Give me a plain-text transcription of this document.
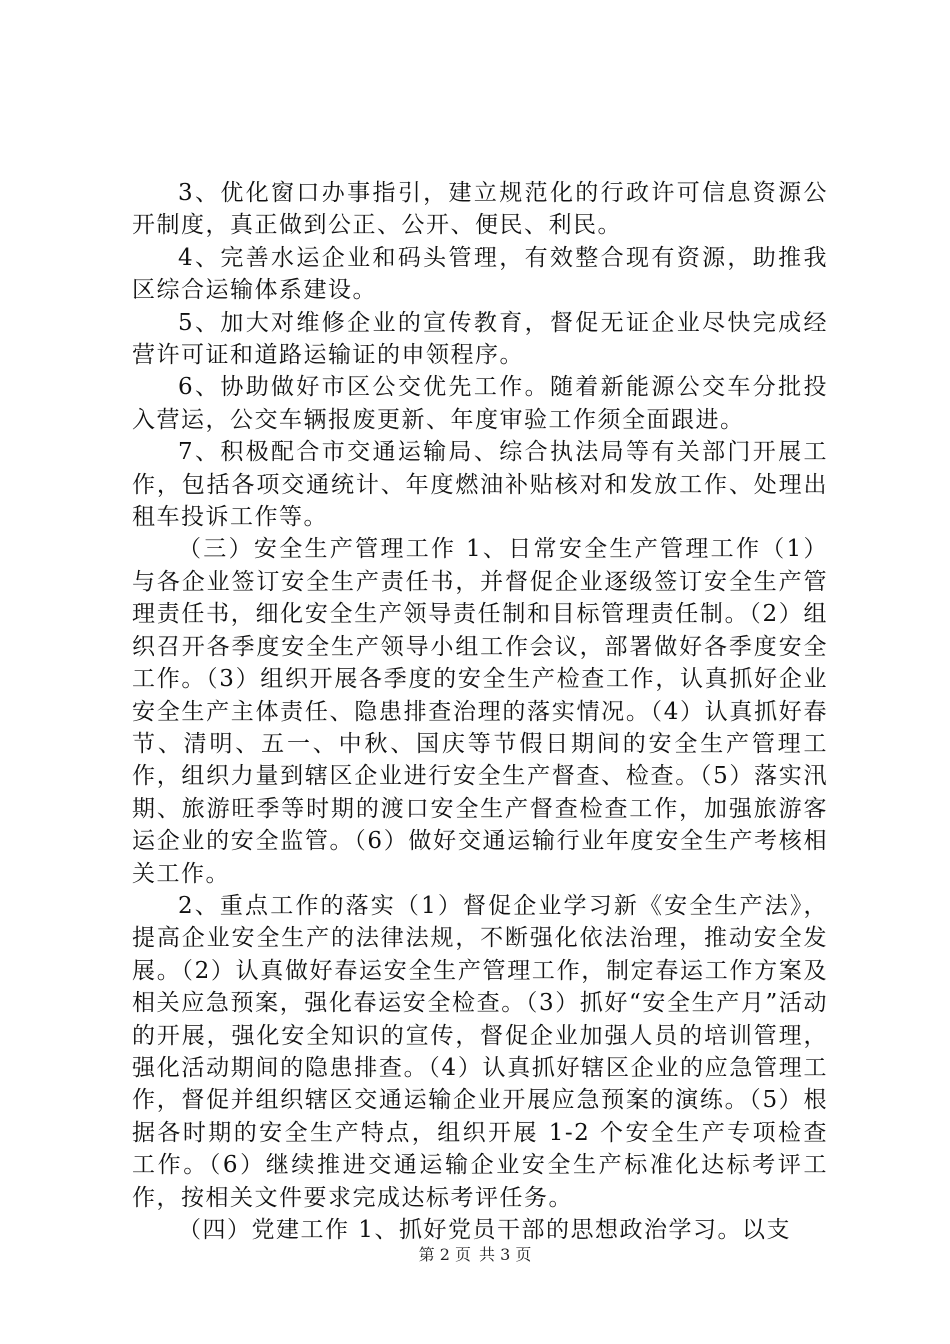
3、优化窗口办事指引，建立规范化的行政许可信息资源公开制度，真正做到公正、公开、便民、利民。

4、完善水运企业和码头管理，有效整合现有资源，助推我区综合运输体系建设。

5、加大对维修企业的宣传教育，督促无证企业尽快完成经营许可证和道路运输证的申领程序。

6、协助做好市区公交优先工作。随着新能源公交车分批投入营运，公交车辆报废更新、年度审验工作须全面跟进。

7、积极配合市交通运输局、综合执法局等有关部门开展工作，包括各项交通统计、年度燃油补贴核对和发放工作、处理出租车投诉工作等。

（三）安全生产管理工作 1、日常安全生产管理工作（1）与各企业签订安全生产责任书，并督促企业逐级签订安全生产管理责任书，细化安全生产领导责任制和目标管理责任制。（2）组织召开各季度安全生产领导小组工作会议，部署做好各季度安全工作。（3）组织开展各季度的安全生产检查工作，认真抓好企业安全生产主体责任、隐患排查治理的落实情况。（4）认真抓好春节、清明、五一、中秋、国庆等节假日期间的安全生产管理工作，组织力量到辖区企业进行安全生产督查、检查。（5）落实汛期、旅游旺季等时期的渡口安全生产督查检查工作，加强旅游客运企业的安全监管。（6）做好交通运输行业年度安全生产考核相关工作。

2、重点工作的落实（1）督促企业学习新《安全生产法》，提高企业安全生产的法律法规，不断强化依法治理，推动安全发展。（2）认真做好春运安全生产管理工作，制定春运工作方案及相关应急预案，强化春运安全检查。（3）抓好“安全生产月”活动的开展，强化安全知识的宣传，督促企业加强人员的培训管理，强化活动期间的隐患排查。（4）认真抓好辖区企业的应急管理工作，督促并组织辖区交通运输企业开展应急预案的演练。（5）根据各时期的安全生产特点，组织开展 1-2 个安全生产专项检查工作。（6）继续推进交通运输企业安全生产标准化达标考评工作，按相关文件要求完成达标考评任务。

（四）党建工作 1、抓好党员干部的思想政治学习。以支

第 2 页 共 3 页
